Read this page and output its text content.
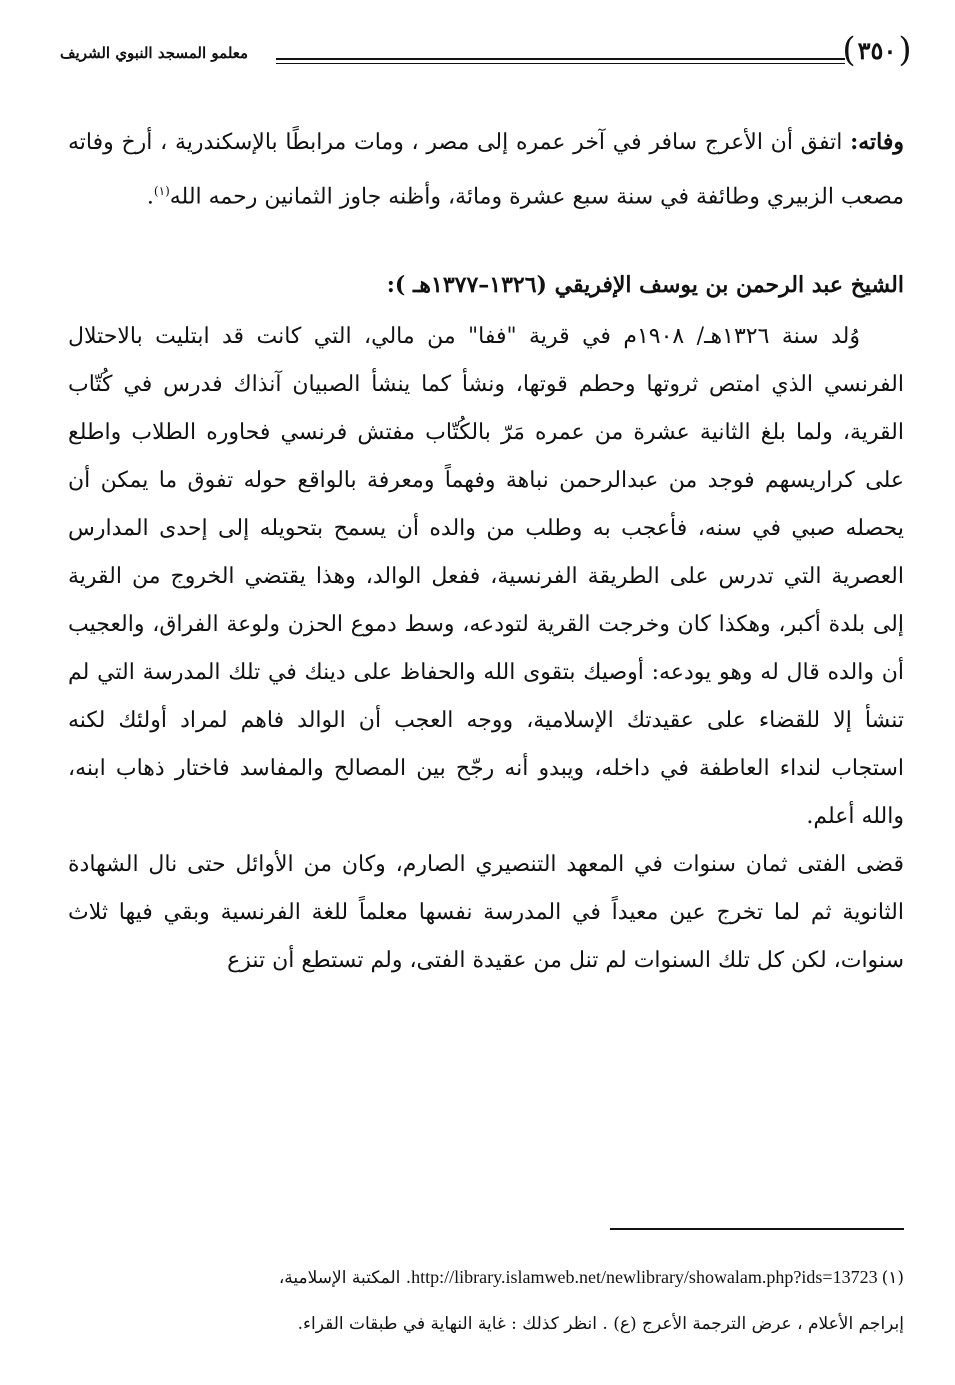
(
٣٥٠
)
معلمو المسجد النبوي الشريف

وفاته: اتفق أن الأعرج سافر في آخر عمره إلى مصر ، ومات مرابطًا بالإسكندرية ، أرخ وفاته مصعب الزبيري وطائفة في سنة سبع عشرة ومائة، وأظنه جاوز الثمانين رحمه الله$^{(١)}$.

الشيخ عبد الرحمن بن يوسف الإفريقي (١٣٢٦–١٣٧٧هـ ):

وُلد سنة ١٣٢٦هـ/ ١٩٠٨م في قرية "ففا" من مالي، التي كانت قد ابتليت بالاحتلال الفرنسي الذي امتص ثروتها وحطم قوتها، ونشأ كما ينشأ الصبيان آنذاك فدرس في كُتّاب القرية، ولما بلغ الثانية عشرة من عمره مَرّ بالكُتّاب مفتش فرنسي فحاوره الطلاب واطلع على كراريسهم فوجد من عبدالرحمن نباهة وفهماً ومعرفة بالواقع حوله تفوق ما يمكن أن يحصله صبي في سنه، فأعجب به وطلب من والده أن يسمح بتحويله إلى إحدى المدارس العصرية التي تدرس على الطريقة الفرنسية، ففعل الوالد، وهذا يقتضي الخروج من القرية إلى بلدة أكبر، وهكذا كان وخرجت القرية لتودعه، وسط دموع الحزن ولوعة الفراق، والعجيب أن والده قال له وهو يودعه: أوصيك بتقوى الله والحفاظ على دينك في تلك المدرسة التي لم تنشأ إلا للقضاء على عقيدتك الإسلامية، ووجه العجب أن الوالد فاهم لمراد أولئك لكنه استجاب لنداء العاطفة في داخله، ويبدو أنه رجّح بين المصالح والمفاسد فاختار ذهاب ابنه، والله أعلم.

قضى الفتى ثمان سنوات في المعهد التنصيري الصارم، وكان من الأوائل حتى نال الشهادة الثانوية ثم لما تخرج عين معيداً في المدرسة نفسها معلماً للغة الفرنسية وبقي فيها ثلاث سنوات، لكن كل تلك السنوات لم تنل من عقيدة الفتى، ولم تستطع أن تنزع

(١)http://library.islamweb.net/newlibrary/showalam.php?ids=13723. المكتبة الإسلامية،

إبراجم الأعلام ، عرض الترجمة الأعرج (ع) . انظر كذلك : غاية النهاية في طبقات القراء.
